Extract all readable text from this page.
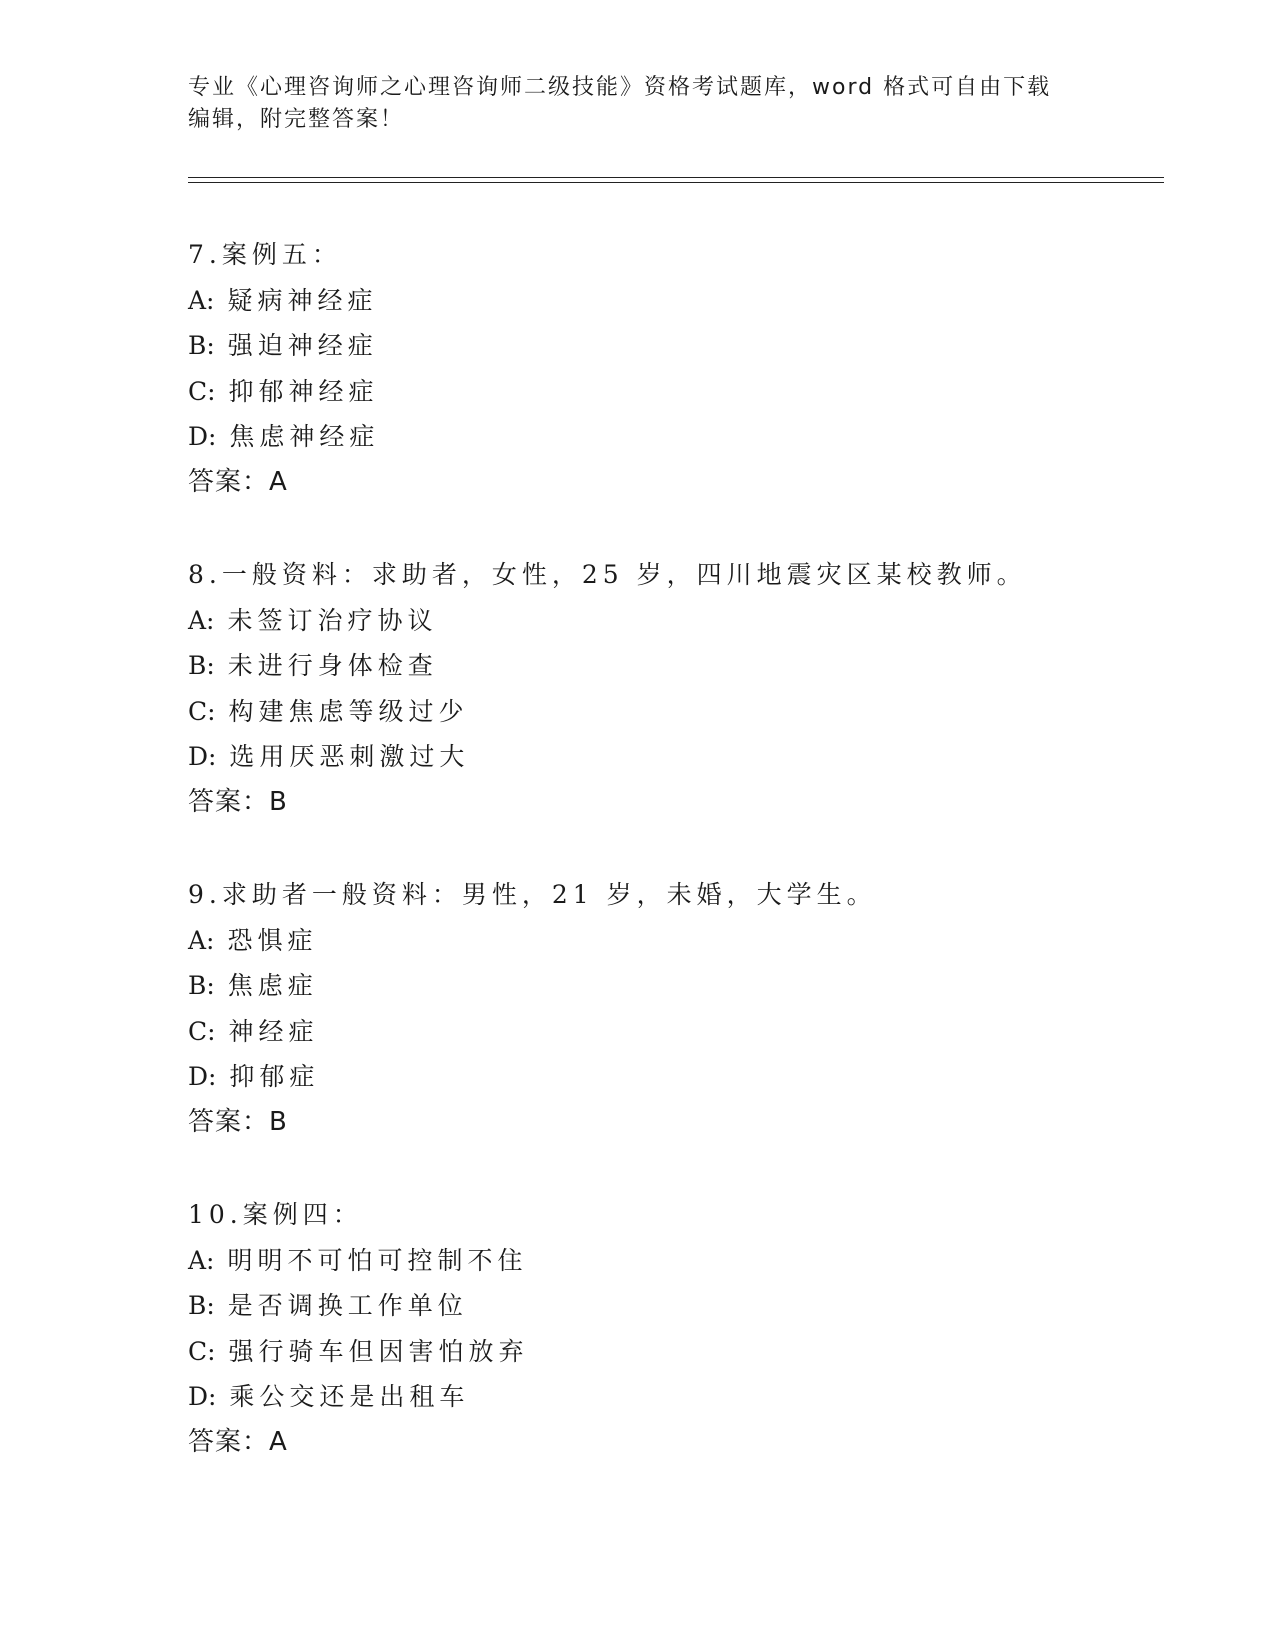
专业《心理咨询师之心理咨询师二级技能》资格考试题库，word 格式可自由下载
编辑，附完整答案！
7.案例五：
A: 疑病神经症
B: 强迫神经症
C: 抑郁神经症
D: 焦虑神经症
答案：A
8.一般资料：求助者，女性，25 岁，四川地震灾区某校教师。
A: 未签订治疗协议
B: 未进行身体检查
C: 构建焦虑等级过少
D: 选用厌恶刺激过大
答案：B
9.求助者一般资料：男性，21 岁，未婚，大学生。
A: 恐惧症
B: 焦虑症
C: 神经症
D: 抑郁症
答案：B
10.案例四：
A: 明明不可怕可控制不住
B: 是否调换工作单位
C: 强行骑车但因害怕放弃
D: 乘公交还是出租车
答案：A
